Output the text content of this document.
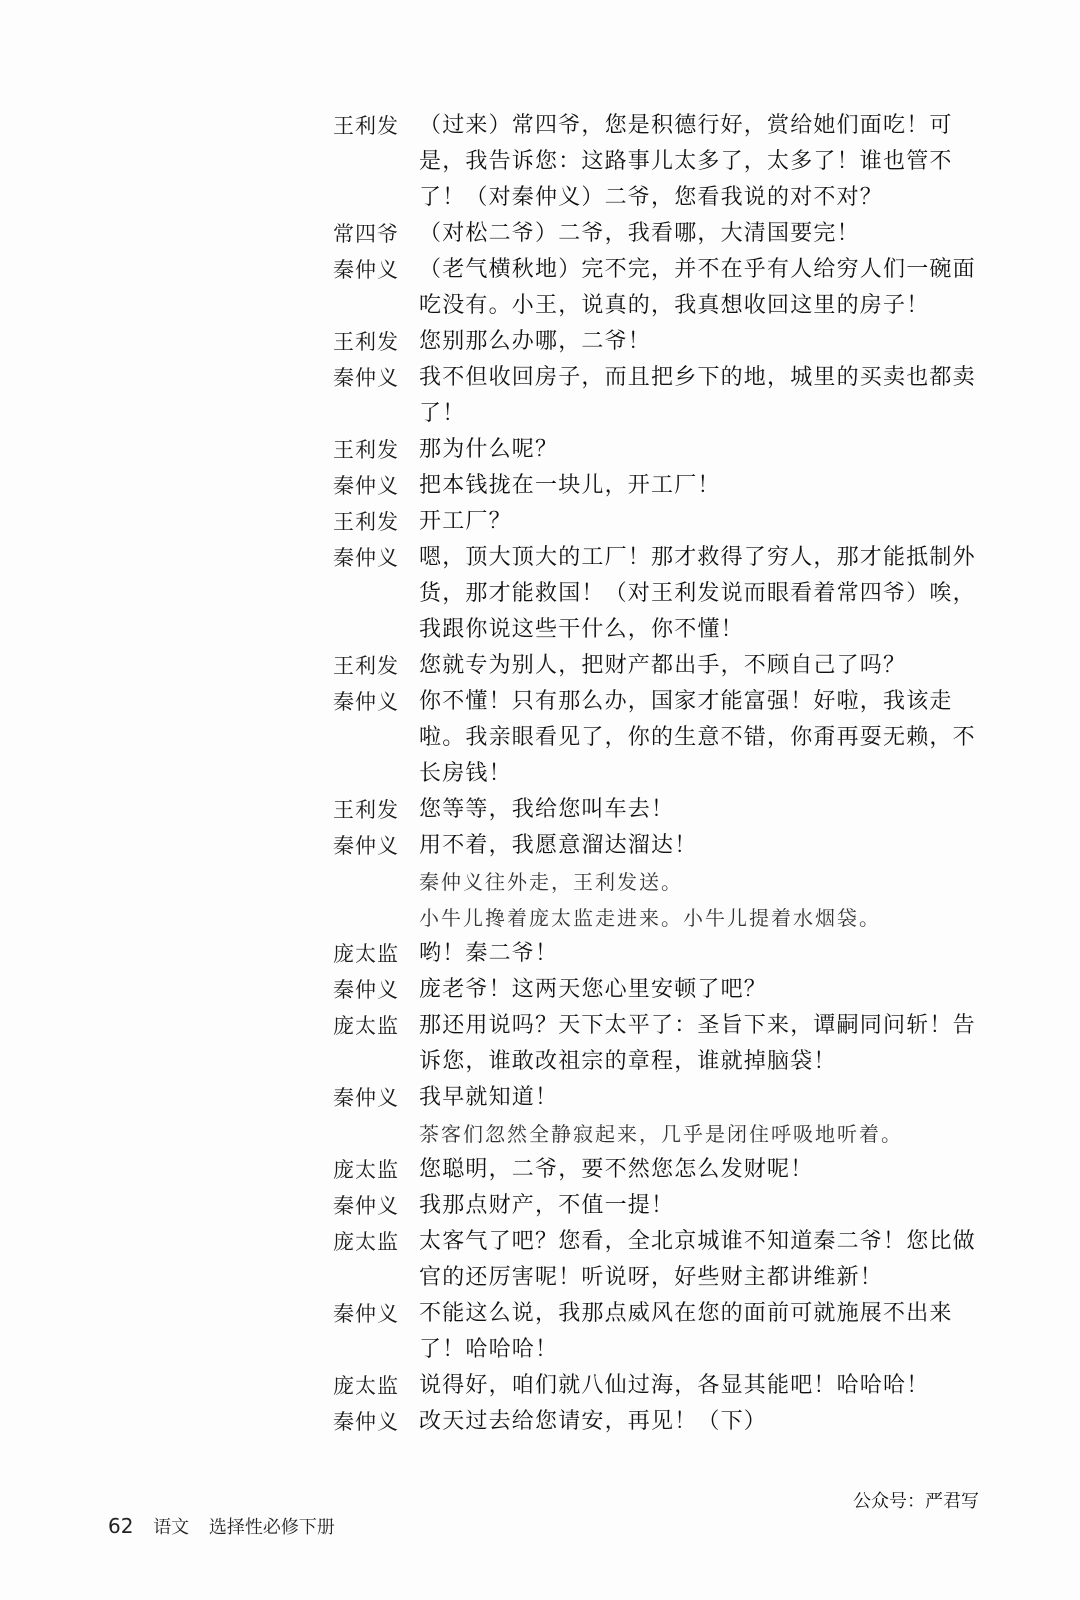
王利发 （过来）常四爷，您是积德行好，赏给她们面吃！可是，我告诉您：这路事儿太多了，太多了！谁也管不了！（对秦仲义）二爷，您看我说的对不对？
常四爷 （对松二爷）二爷，我看哪，大清国要完！
秦仲义 （老气横秋地）完不完，并不在乎有人给穷人们一碗面吃没有。小王，说真的，我真想收回这里的房子！
王利发 您别那么办哪，二爷！
秦仲义 我不但收回房子，而且把乡下的地，城里的买卖也都卖了！
王利发 那为什么呢？
秦仲义 把本钱拢在一块儿，开工厂！
王利发 开工厂？
秦仲义 嗯，顶大顶大的工厂！那才救得了穷人，那才能抵制外货，那才能救国！（对王利发说而眼看着常四爷）唉，我跟你说这些干什么，你不懂！
王利发 您就专为别人，把财产都出手，不顾自己了吗？
秦仲义 你不懂！只有那么办，国家才能富强！好啦，我该走啦。我亲眼看见了，你的生意不错，你甭再耍无赖，不长房钱！
王利发 您等等，我给您叫车去！
秦仲义 用不着，我愿意溜达溜达！
秦仲义往外走，王利发送。
小牛儿搀着庞太监走进来。小牛儿提着水烟袋。
庞太监 哟！秦二爷！
秦仲义 庞老爷！这两天您心里安顿了吧？
庞太监 那还用说吗？天下太平了：圣旨下来，谭嗣同问斩！告诉您，谁敢改祖宗的章程，谁就掉脑袋！
秦仲义 我早就知道！
茶客们忽然全静寂起来，几乎是闭住呼吸地听着。
庞太监 您聪明，二爷，要不然您怎么发财呢！
秦仲义 我那点财产，不值一提！
庞太监 太客气了吧？您看，全北京城谁不知道秦二爷！您比做官的还厉害呢！听说呀，好些财主都讲维新！
秦仲义 不能这么说，我那点威风在您的面前可就施展不出来了！哈哈哈！
庞太监 说得好，咱们就八仙过海，各显其能吧！哈哈哈！
秦仲义 改天过去给您请安，再见！（下）
公众号：严君写
62 语文 选择性必修下册
